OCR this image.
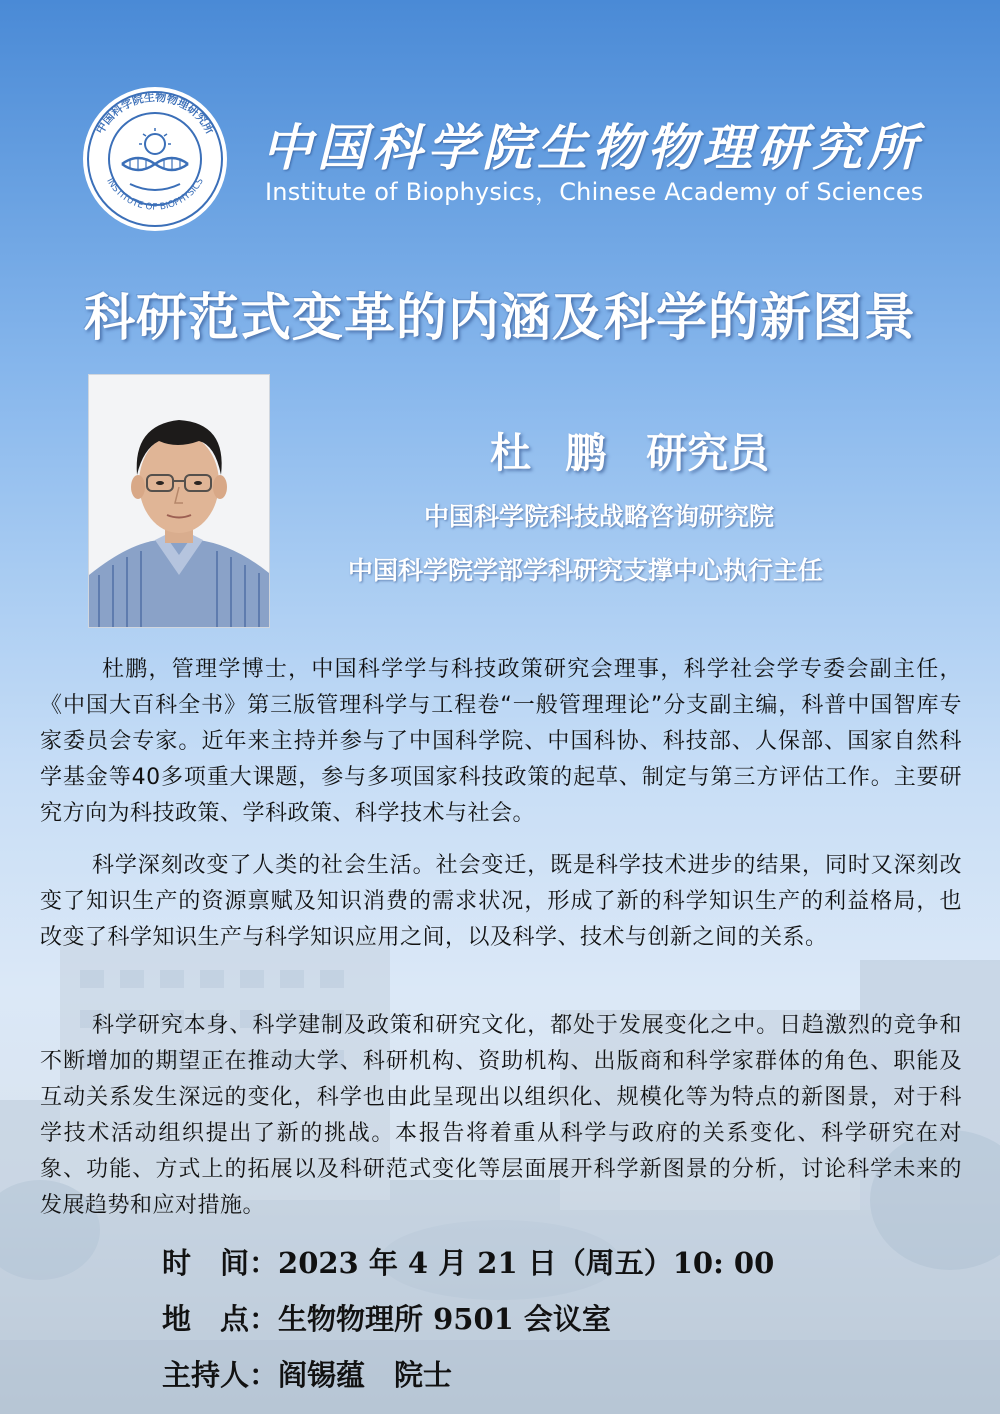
中国科学院生物物理研究所
INSTITUTE OF BIOPHYSICS
中国科学院生物物理研究所
Institute of Biophysics，Chinese Academy of Sciences
科研范式变革的内涵及科学的新图景
杜 鹏 研究员
中国科学院科技战略咨询研究院
中国科学院学部学科研究支撑中心执行主任
杜鹏，管理学博士，中国科学学与科技政策研究会理事，科学社会学专委会副主任，《中国大百科全书》第三版管理科学与工程卷“一般管理理论”分支副主编，科普中国智库专家委员会专家。近年来主持并参与了中国科学院、中国科协、科技部、人保部、国家自然科学基金等40多项重大课题，参与多项国家科技政策的起草、制定与第三方评估工作。主要研究方向为科技政策、学科政策、科学技术与社会。
科学深刻改变了人类的社会生活。社会变迁，既是科学技术进步的结果，同时又深刻改变了知识生产的资源禀赋及知识消费的需求状况，形成了新的科学知识生产的利益格局，也改变了科学知识生产与科学知识应用之间，以及科学、技术与创新之间的关系。
科学研究本身、科学建制及政策和研究文化，都处于发展变化之中。日趋激烈的竞争和不断增加的期望正在推动大学、科研机构、资助机构、出版商和科学家群体的角色、职能及互动关系发生深远的变化，科学也由此呈现出以组织化、规模化等为特点的新图景，对于科学技术活动组织提出了新的挑战。本报告将着重从科学与政府的关系变化、科学研究在对象、功能、方式上的拓展以及科研范式变化等层面展开科学新图景的分析，讨论科学未来的发展趋势和应对措施。
时　间：2023 年 4 月 21 日（周五）10: 00
地　点：生物物理所 9501 会议室
主持人：阎锡蕴　院士
